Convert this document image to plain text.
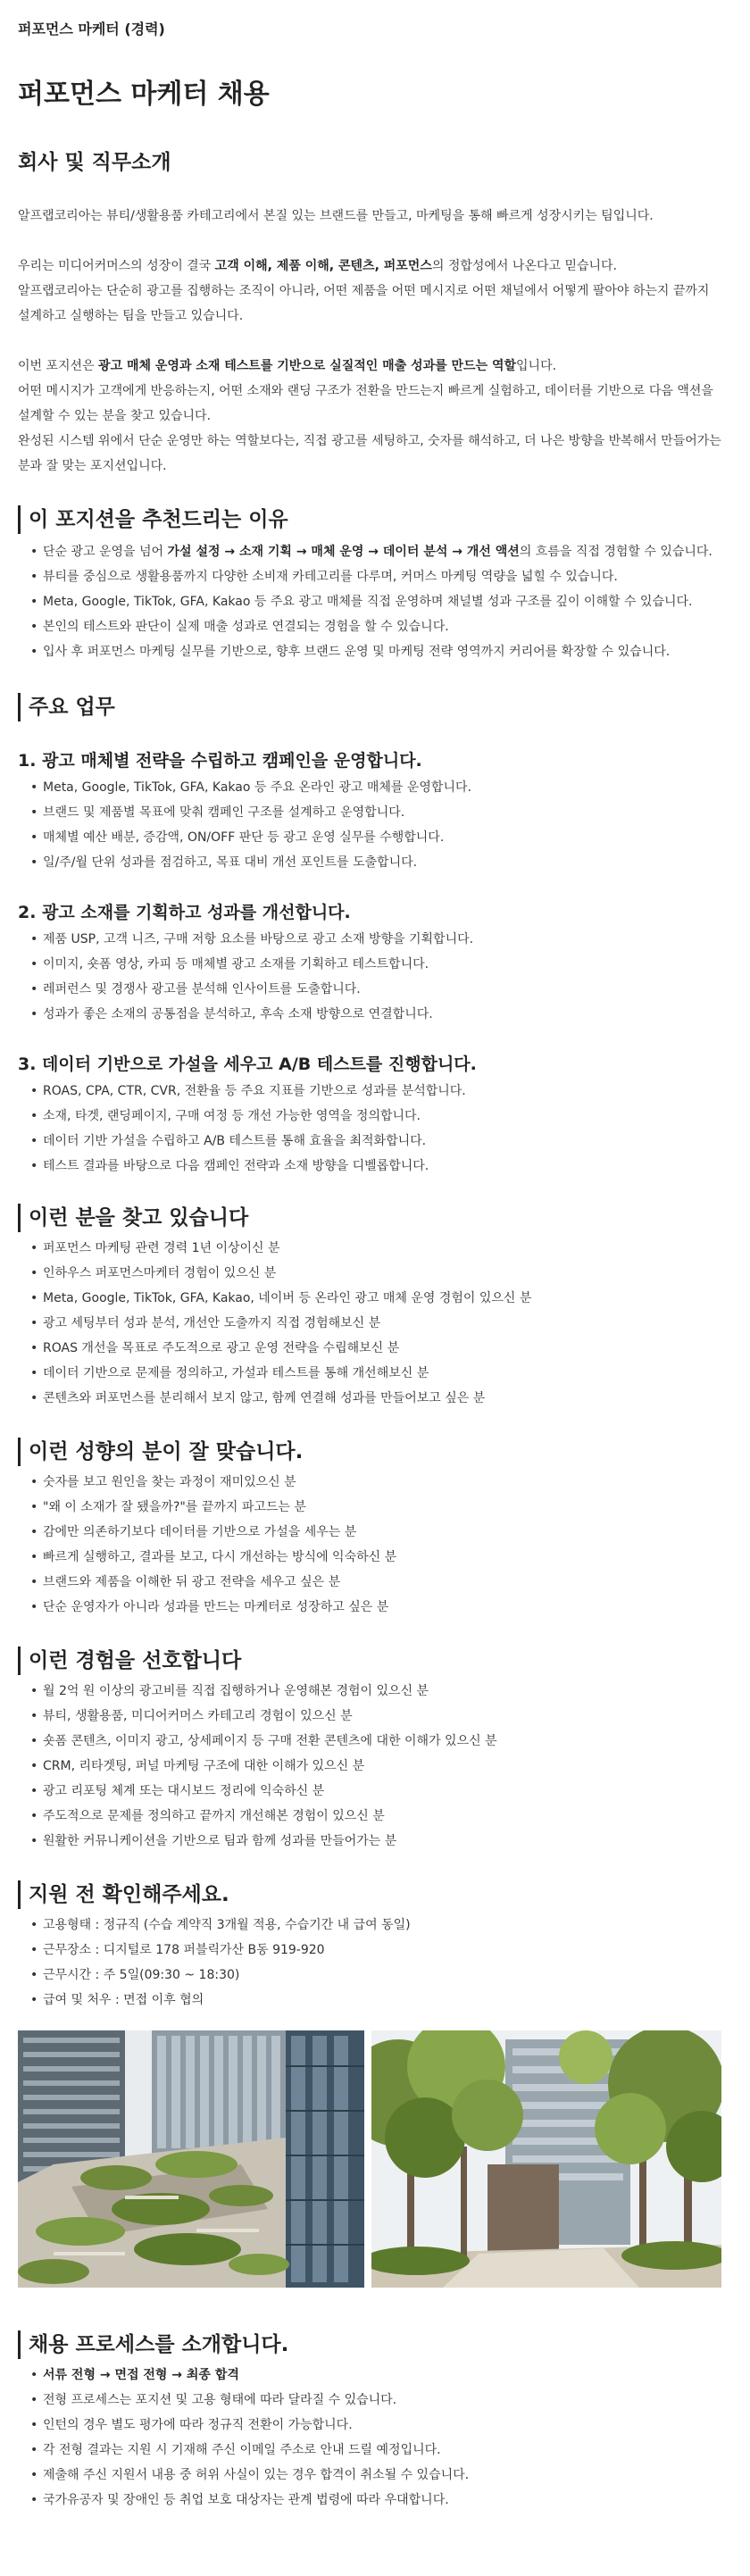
퍼포먼스 마케터 (경력)
퍼포먼스 마케터 채용
회사 및 직무소개

알프랩코리아는 뷰티/생활용품 카테고리에서 본질 있는 브랜드를 만들고, 마케팅을 통해 빠르게 성장시키는 팀입니다.

우리는 미디어커머스의 성장이 결국 고객 이해, 제품 이해, 콘텐츠, 퍼포먼스의 정합성에서 나온다고 믿습니다.

알프랩코리아는 단순히 광고를 집행하는 조직이 아니라, 어떤 제품을 어떤 메시지로 어떤 채널에서 어떻게 팔아야 하는지 끝까지

설계하고 실행하는 팀을 만들고 있습니다.

이번 포지션은 광고 매체 운영과 소재 테스트를 기반으로 실질적인 매출 성과를 만드는 역할입니다.

어떤 메시지가 고객에게 반응하는지, 어떤 소재와 랜딩 구조가 전환을 만드는지 빠르게 실험하고, 데이터를 기반으로 다음 액션을

설계할 수 있는 분을 찾고 있습니다.

완성된 시스템 위에서 단순 운영만 하는 역할보다는, 직접 광고를 세팅하고, 숫자를 해석하고, 더 나은 방향을 반복해서 만들어가는

분과 잘 맞는 포지션입니다.

이 포지션을 추천드리는 이유
• 단순 광고 운영을 넘어 가설 설정 → 소재 기획 → 매체 운영 → 데이터 분석 → 개선 액션의 흐름을 직접 경험할 수 있습니다.
• 뷰티를 중심으로 생활용품까지 다양한 소비재 카테고리를 다루며, 커머스 마케팅 역량을 넓힐 수 있습니다.
• Meta, Google, TikTok, GFA, Kakao 등 주요 광고 매체를 직접 운영하며 채널별 성과 구조를 깊이 이해할 수 있습니다.
• 본인의 테스트와 판단이 실제 매출 성과로 연결되는 경험을 할 수 있습니다.
• 입사 후 퍼포먼스 마케팅 실무를 기반으로, 향후 브랜드 운영 및 마케팅 전략 영역까지 커리어를 확장할 수 있습니다.
주요 업무
1. 광고 매체별 전략을 수립하고 캠페인을 운영합니다.
• Meta, Google, TikTok, GFA, Kakao 등 주요 온라인 광고 매체를 운영합니다.
• 브랜드 및 제품별 목표에 맞춰 캠페인 구조를 설계하고 운영합니다.
• 매체별 예산 배분, 증감액, ON/OFF 판단 등 광고 운영 실무를 수행합니다.
• 일/주/월 단위 성과를 점검하고, 목표 대비 개선 포인트를 도출합니다.
2. 광고 소재를 기획하고 성과를 개선합니다.
• 제품 USP, 고객 니즈, 구매 저항 요소를 바탕으로 광고 소재 방향을 기획합니다.
• 이미지, 숏폼 영상, 카피 등 매체별 광고 소재를 기획하고 테스트합니다.
• 레퍼런스 및 경쟁사 광고를 분석해 인사이트를 도출합니다.
• 성과가 좋은 소재의 공통점을 분석하고, 후속 소재 방향으로 연결합니다.
3. 데이터 기반으로 가설을 세우고 A/B 테스트를 진행합니다.
• ROAS, CPA, CTR, CVR, 전환율 등 주요 지표를 기반으로 성과를 분석합니다.
• 소재, 타겟, 랜딩페이지, 구매 여정 등 개선 가능한 영역을 정의합니다.
• 데이터 기반 가설을 수립하고 A/B 테스트를 통해 효율을 최적화합니다.
• 테스트 결과를 바탕으로 다음 캠페인 전략과 소재 방향을 디벨롭합니다.
이런 분을 찾고 있습니다
• 퍼포먼스 마케팅 관련 경력 1년 이상이신 분
• 인하우스 퍼포먼스마케터 경험이 있으신 분
• Meta, Google, TikTok, GFA, Kakao, 네이버 등 온라인 광고 매체 운영 경험이 있으신 분
• 광고 세팅부터 성과 분석, 개선안 도출까지 직접 경험해보신 분
• ROAS 개선을 목표로 주도적으로 광고 운영 전략을 수립해보신 분
• 데이터 기반으로 문제를 정의하고, 가설과 테스트를 통해 개선해보신 분
• 콘텐츠와 퍼포먼스를 분리해서 보지 않고, 함께 연결해 성과를 만들어보고 싶은 분
이런 성향의 분이 잘 맞습니다.
• 숫자를 보고 원인을 찾는 과정이 재미있으신 분
• "왜 이 소재가 잘 됐을까?"를 끝까지 파고드는 분
• 감에만 의존하기보다 데이터를 기반으로 가설을 세우는 분
• 빠르게 실행하고, 결과를 보고, 다시 개선하는 방식에 익숙하신 분
• 브랜드와 제품을 이해한 뒤 광고 전략을 세우고 싶은 분
• 단순 운영자가 아니라 성과를 만드는 마케터로 성장하고 싶은 분
이런 경험을 선호합니다
• 월 2억 원 이상의 광고비를 직접 집행하거나 운영해본 경험이 있으신 분
• 뷰티, 생활용품, 미디어커머스 카테고리 경험이 있으신 분
• 숏폼 콘텐츠, 이미지 광고, 상세페이지 등 구매 전환 콘텐츠에 대한 이해가 있으신 분
• CRM, 리타겟팅, 퍼널 마케팅 구조에 대한 이해가 있으신 분
• 광고 리포팅 체계 또는 대시보드 정리에 익숙하신 분
• 주도적으로 문제를 정의하고 끝까지 개선해본 경험이 있으신 분
• 원활한 커뮤니케이션을 기반으로 팀과 함께 성과를 만들어가는 분
지원 전 확인해주세요.
• 고용형태 : 정규직 (수습 계약직 3개월 적용, 수습기간 내 급여 동일)
• 근무장소 : 디지털로 178 퍼블릭가산 B동 919-920
• 근무시간 : 주 5일(09:30 ~ 18:30)
• 급여 및 처우 : 면접 이후 협의
채용 프로세스를 소개합니다.
• 서류 전형 → 면접 전형 → 최종 합격
• 전형 프로세스는 포지션 및 고용 형태에 따라 달라질 수 있습니다.
• 인턴의 경우 별도 평가에 따라 정규직 전환이 가능합니다.
• 각 전형 결과는 지원 시 기재해 주신 이메일 주소로 안내 드릴 예정입니다.
• 제출해 주신 지원서 내용 중 허위 사실이 있는 경우 합격이 취소될 수 있습니다.
• 국가유공자 및 장애인 등 취업 보호 대상자는 관계 법령에 따라 우대합니다.
